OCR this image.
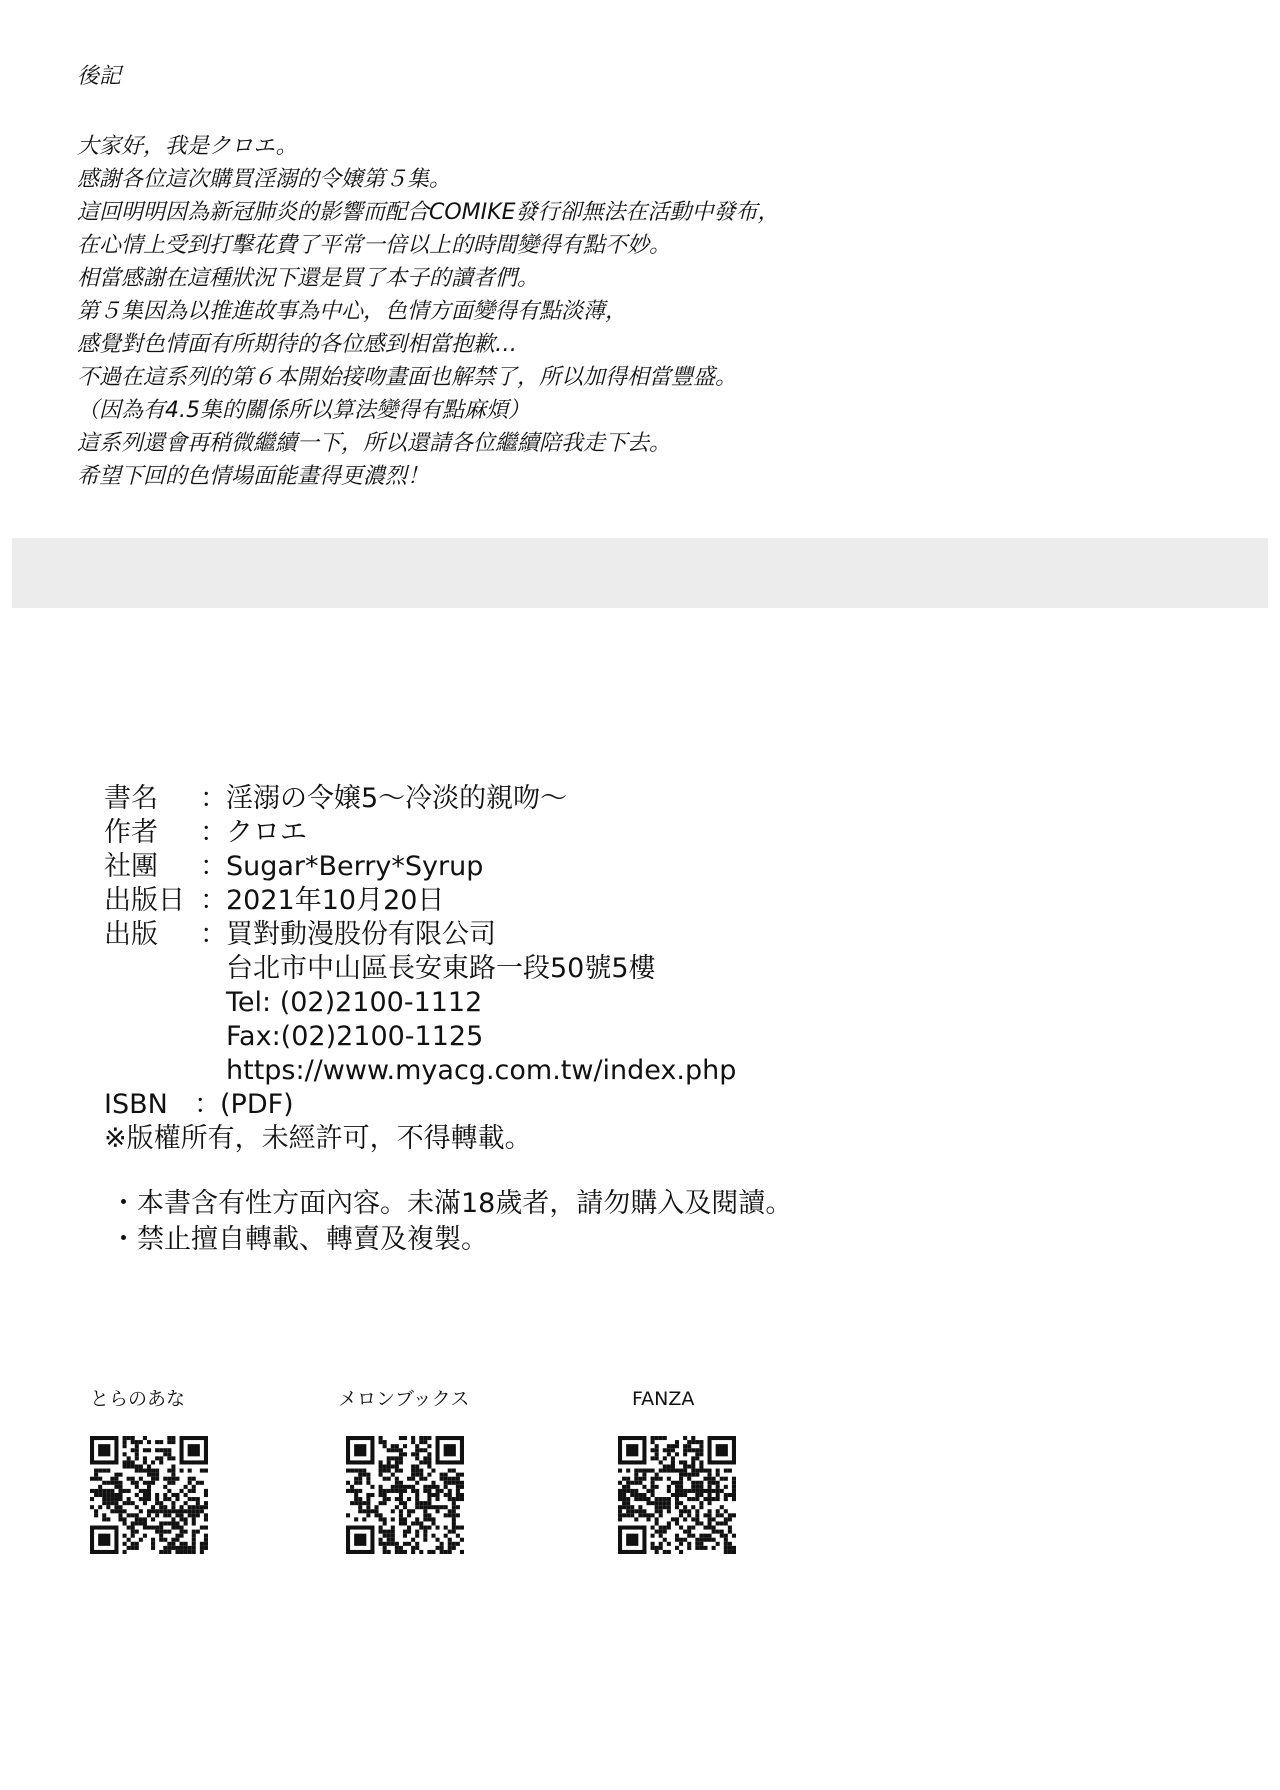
後記
大家好，我是クロエ。
感謝各位這次購買淫溺的令嬢第５集。
這回明明因為新冠肺炎的影響而配合COMIKE發行卻無法在活動中發布，
在心情上受到打擊花費了平常一倍以上的時間變得有點不妙。
相當感謝在這種狀況下還是買了本子的讀者們。
第５集因為以推進故事為中心，色情方面變得有點淡薄，
感覺對色情面有所期待的各位感到相當抱歉…
不過在這系列的第６本開始接吻畫面也解禁了，所以加得相當豐盛。
（因為有4.5集的關係所以算法變得有點麻煩）
這系列還會再稍微繼續一下，所以還請各位繼續陪我走下去。
希望下回的色情場面能畫得更濃烈！
書名	： 淫溺の令嬢5〜冷淡的親吻〜
作者	： クロエ
社團	： Sugar*Berry*Syrup
出版日 ： 2021年10月20日
出版	： 買對動漫股份有限公司
台北市中山區長安東路一段50號5樓
Tel: (02)2100-1112
Fax:(02)2100-1125
https://www.myacg.com.tw/index.php
ISBN ： (PDF)
※版權所有，未經許可，不得轉載。
・本書含有性方面內容。未滿18歲者，請勿購入及閱讀。
・禁止擅自轉載、轉賣及複製。
とらのあな	メロンブックス	FANZA
